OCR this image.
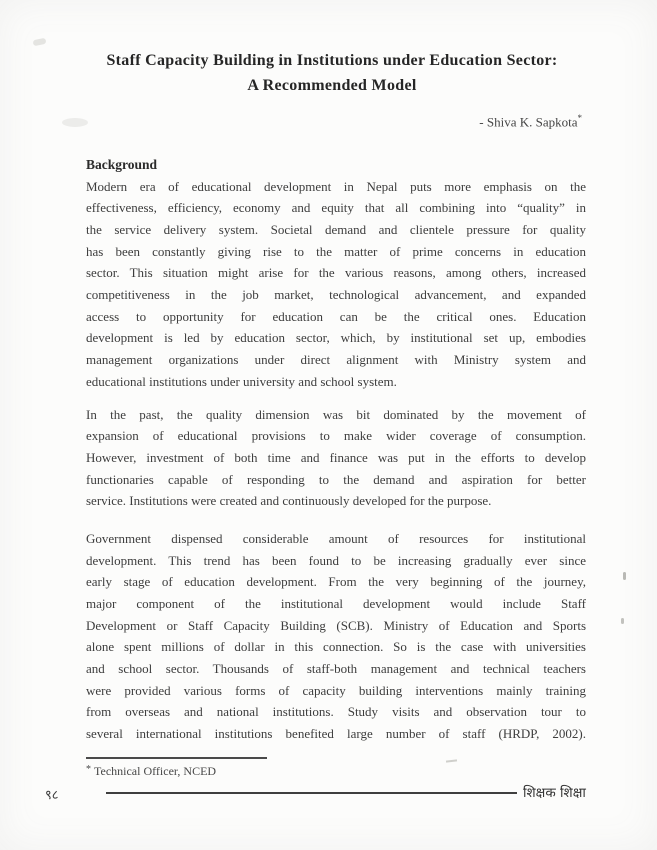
Staff Capacity Building in Institutions under Education Sector:
A Recommended Model
- Shiva K. Sapkota*
Background
Modern era of educational development in Nepal puts more emphasis on the
effectiveness, efficiency, economy and equity that all combining into “quality” in
the service delivery system. Societal demand and clientele pressure for quality
has been constantly giving rise to the matter of prime concerns in education
sector. This situation might arise for the various reasons, among others, increased
competitiveness in the job market, technological advancement, and expanded
access to opportunity for education can be the critical ones. Education
development is led by education sector, which, by institutional set up, embodies
management organizations under direct alignment with Ministry system and
educational institutions under university and school system.
In the past, the quality dimension was bit dominated by the movement of
expansion of educational provisions to make wider coverage of consumption.
However, investment of both time and finance was put in the efforts to develop
functionaries capable of responding to the demand and aspiration for better
service. Institutions were created and continuously developed for the purpose.
Government dispensed considerable amount of resources for institutional
development. This trend has been found to be increasing gradually ever since
early stage of education development. From the very beginning of the journey,
major component of the institutional development would include Staff
Development or Staff Capacity Building (SCB). Ministry of Education and Sports
alone spent millions of dollar in this connection. So is the case with universities
and school sector. Thousands of staff-both management and technical teachers
were provided various forms of capacity building interventions mainly training
from overseas and national institutions. Study visits and observation tour to
several international institutions benefited large number of staff (HRDP, 2002).
* Technical Officer, NCED
९८	शिक्षक शिक्षा
